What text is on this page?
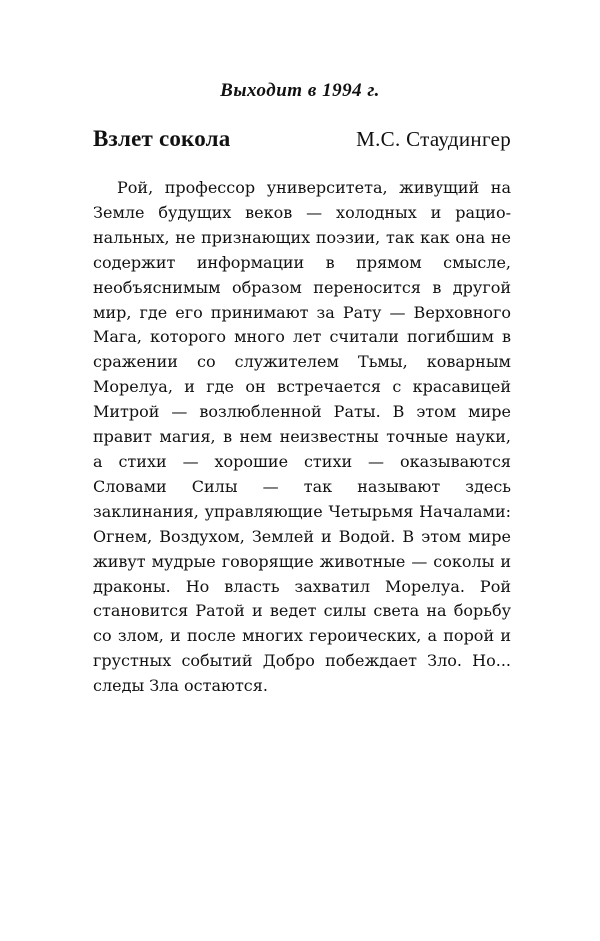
Выходит в 1994 г.
Взлет сокола	М.С. Стаудингер

Рой, профессор университета, живущий на Земле будущих веков — холодных и рациональных, не признающих поэзии, так как она не содержит информации в прямом смысле, необъяснимым образом переносится в другой мир, где его принимают за Рату — Верховного Мага, которого много лет считали погибшим в сражении со служителем Тьмы, коварным Морелуа, и где он встречается с красавицей Митрой — возлюбленной Раты. В этом мире правит магия, в нем неизвестны точные науки, а стихи — хорошие стихи — оказываются Словами Силы — так называют здесь заклинания, управляющие Четырьмя Началами: Огнем, Воздухом, Землей и Водой. В этом мире живут мудрые говорящие животные — соколы и драконы. Но власть захватил Морелуа. Рой становится Ратой и ведет силы света на борьбу со злом, и после многих героических, а порой и грустных событий Добро побеждает Зло. Но... следы Зла остаются.
